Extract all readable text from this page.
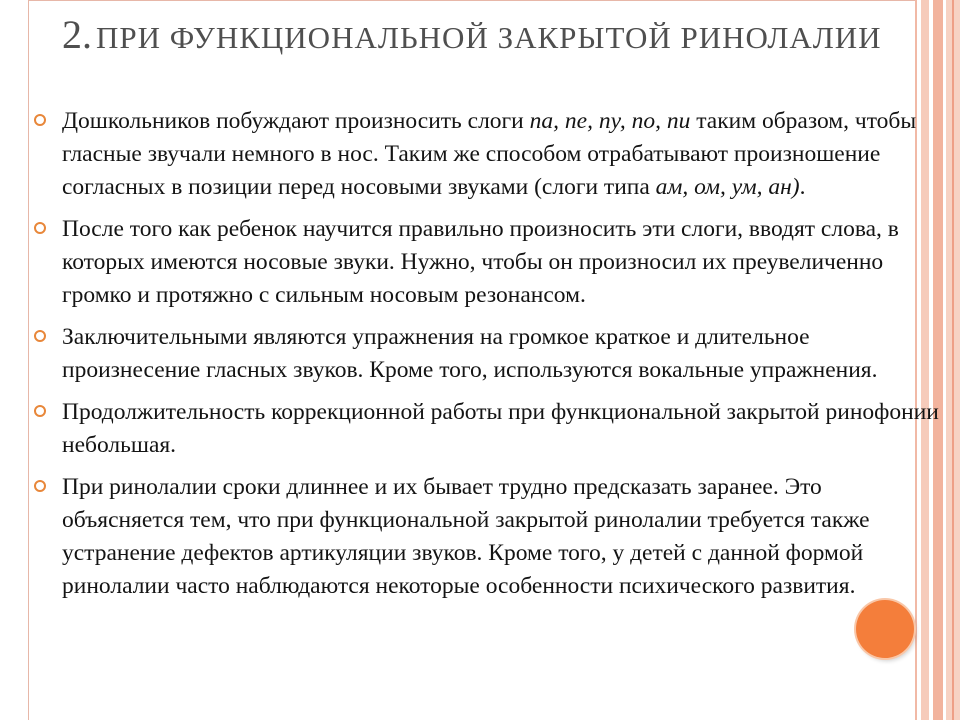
2. ПРИ ФУНКЦИОНАЛЬНОЙ ЗАКРЫТОЙ РИНОЛАЛИИ
Дошкольников побуждают произносить слоги па, пе, пу, по, пи таким образом, чтобы гласные звучали немного в нос. Таким же способом отрабатывают произношение согласных в позиции перед носовыми звуками (слоги типа ам, ом, ум, ан).
После того как ребенок научится правильно произносить эти слоги, вводят слова, в которых имеются носовые звуки. Нужно, чтобы он произносил их преувеличенно громко и протяжно с сильным носовым резонансом.
Заключительными являются упражнения на громкое краткое и длительное произнесение гласных звуков. Кроме того, используются вокальные упражнения.
Продолжительность коррекционной работы при функциональной закрытой ринофонии небольшая.
При ринолалии сроки длиннее и их бывает трудно предсказать заранее. Это объясняется тем, что при функциональной закрытой ринолалии требуется также устранение дефектов артикуляции звуков. Кроме того, у детей с данной формой ринолалии часто наблюдаются некоторые особенности психического развития.
